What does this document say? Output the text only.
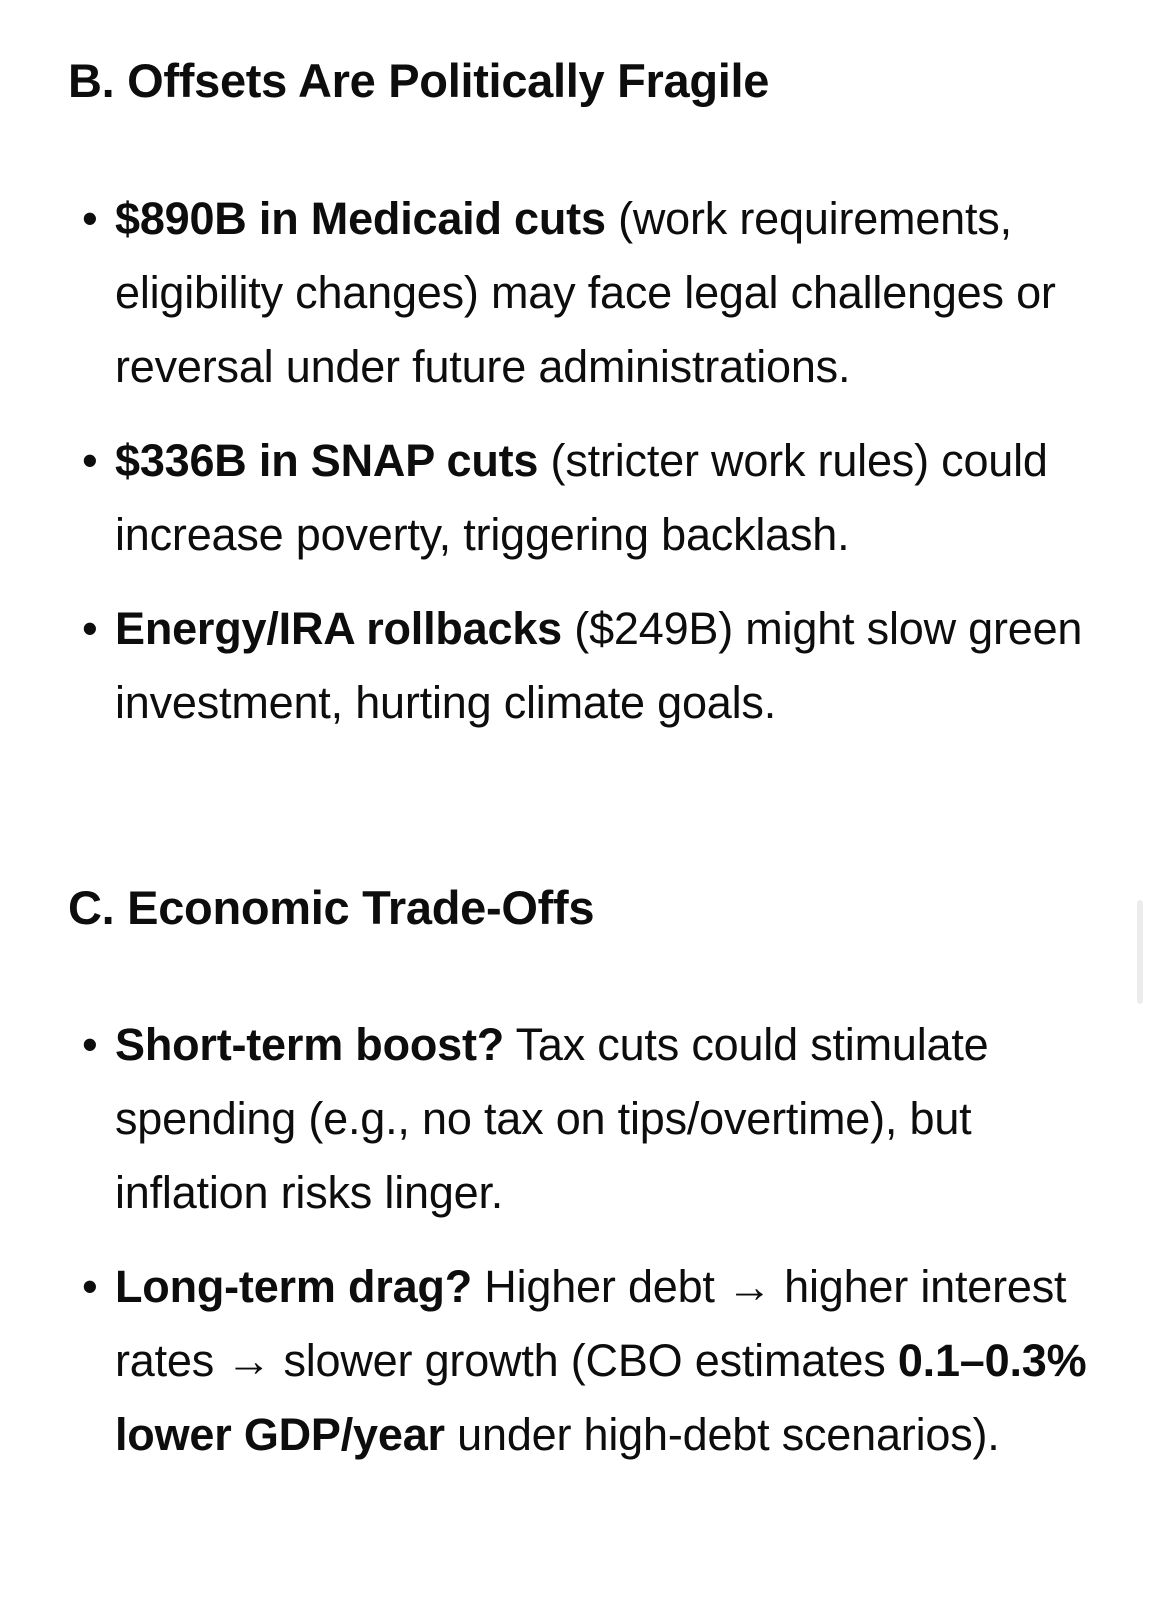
B. Offsets Are Politically Fragile
• $890B in Medicaid cuts (work requirements, eligibility changes) may face legal challenges or reversal under future administrations.
• $336B in SNAP cuts (stricter work rules) could increase poverty, triggering backlash.
• Energy/IRA rollbacks ($249B) might slow green investment, hurting climate goals.
C. Economic Trade-Offs
• Short-term boost? Tax cuts could stimulate spending (e.g., no tax on tips/overtime), but inflation risks linger.
• Long-term drag? Higher debt → higher interest rates → slower growth (CBO estimates 0.1–0.3% lower GDP/year under high-debt scenarios).
